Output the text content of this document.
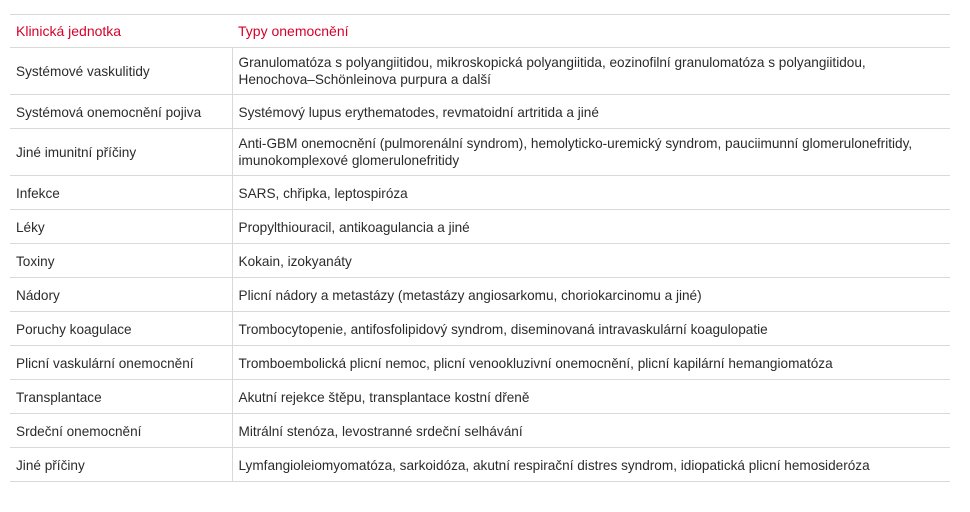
Klinická jednotka	Typy onemocnění
Systémové vaskulitidy	Granulomatóza s polyangiitidou, mikroskopická polyangiitida, eozinofilní granulomatóza s polyangiitidou, Henochova–Schönleinova purpura a další
Systémová onemocnění pojiva	Systémový lupus erythematodes, revmatoidní artritida a jiné
Jiné imunitní příčiny	Anti-GBM onemocnění (pulmorenální syndrom), hemolyticko-uremický syndrom, pauciimunní glomerulonefritidy, imunokomplexové glomerulonefritidy
Infekce	SARS, chřipka, leptospiróza
Léky	Propylthiouracil, antikoagulancia a jiné
Toxiny	Kokain, izokyanáty
Nádory	Plicní nádory a metastázy (metastázy angiosarkomu, choriokarcinomu a jiné)
Poruchy koagulace	Trombocytopenie, antifosfolipidový syndrom, diseminovaná intravaskulární koagulopatie
Plicní vaskulární onemocnění	Tromboembolická plicní nemoc, plicní venookluzivní onemocnění, plicní kapilární hemangiomatóza
Transplantace	Akutní rejekce štěpu, transplantace kostní dřeně
Srdeční onemocnění	Mitrální stenóza, levostranné srdeční selhávání
Jiné příčiny	Lymfangioleiomyomatóza, sarkoidóza, akutní respirační distres syndrom, idiopatická plicní hemosideróza
